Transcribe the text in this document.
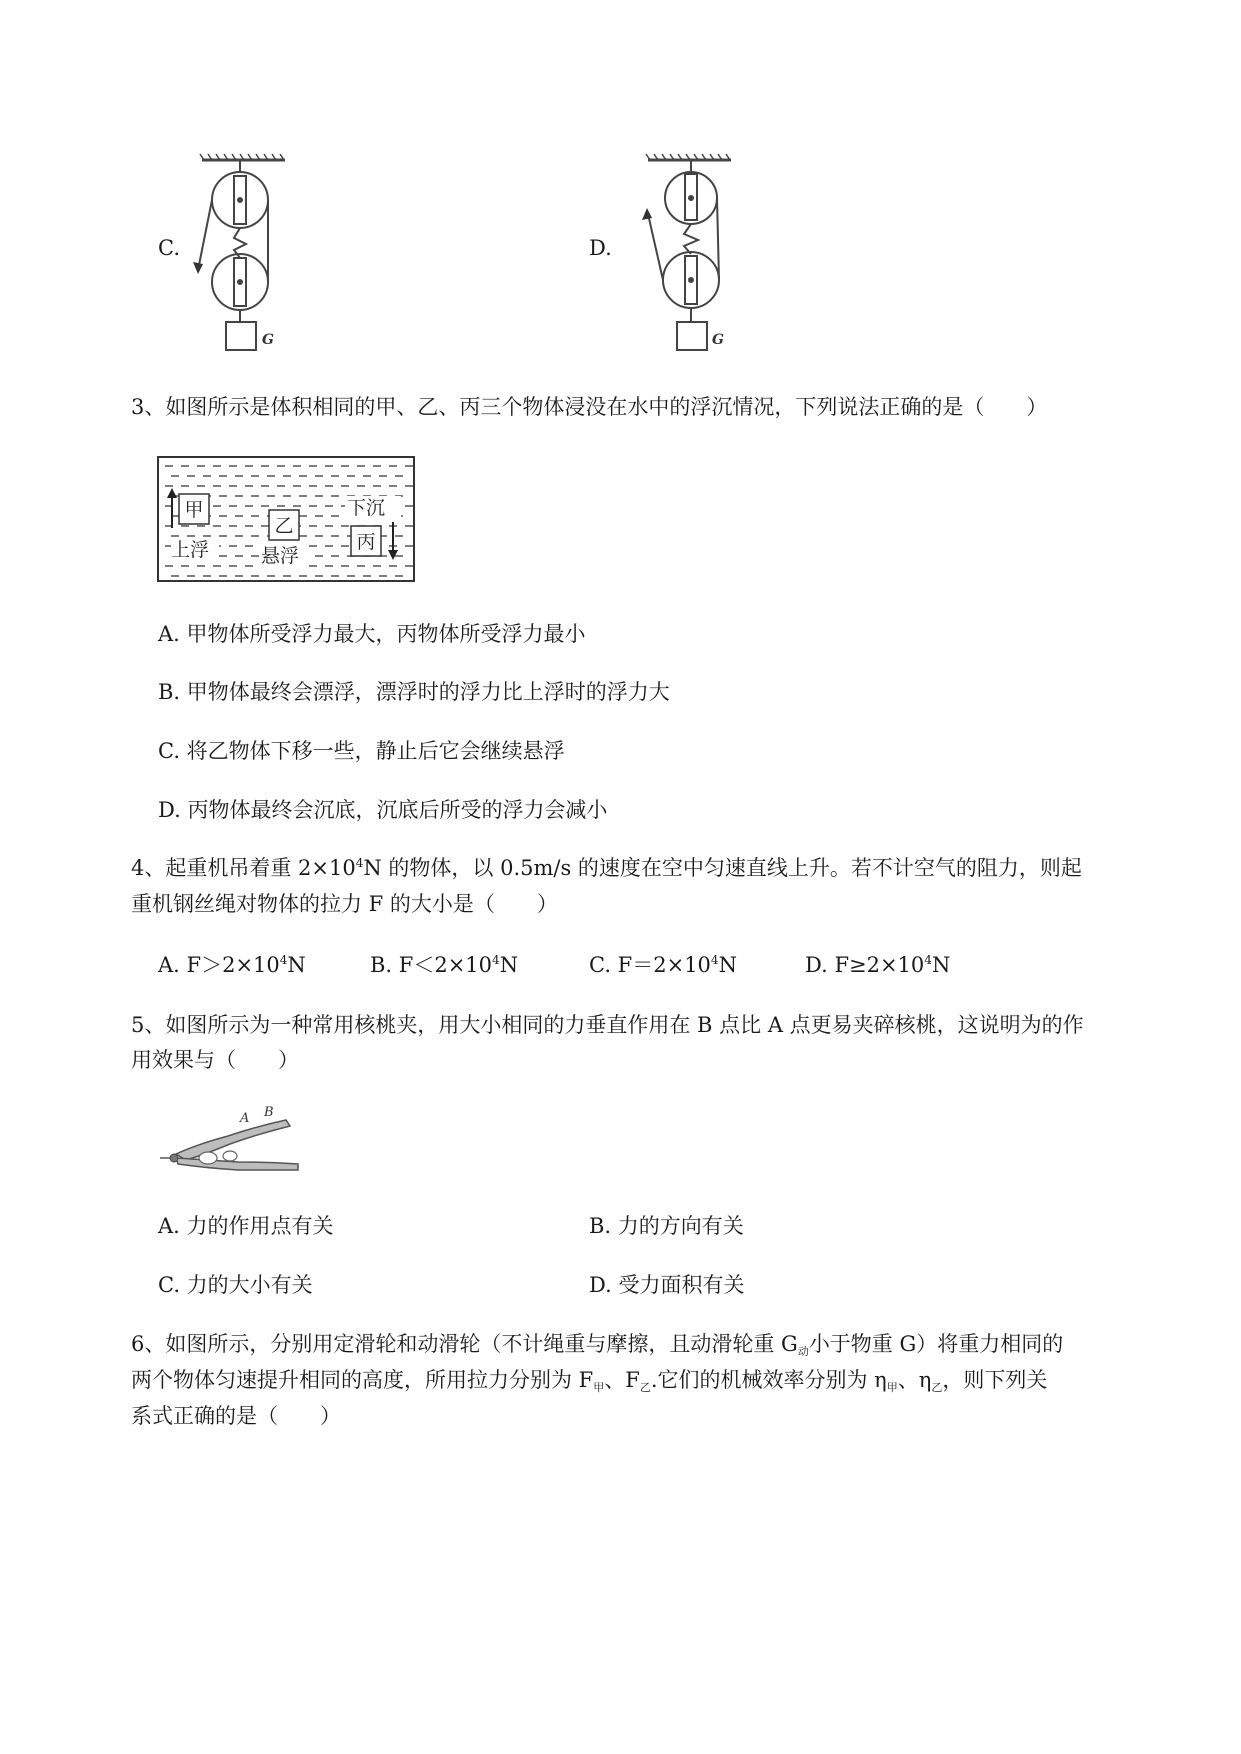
C.
G
D.
G
3、如图所示是体积相同的甲、乙、丙三个物体浸没在水中的浮沉情况，下列说法正确的是（　　）
甲
上浮
乙
悬浮
下沉
丙
A. 甲物体所受浮力最大，丙物体所受浮力最小
B. 甲物体最终会漂浮，漂浮时的浮力比上浮时的浮力大
C. 将乙物体下移一些，静止后它会继续悬浮
D. 丙物体最终会沉底，沉底后所受的浮力会减小
4、起重机吊着重 $2\times 10^4N$ 的物体，以 0.5m/s 的速度在空中匀速直线上升。若不计空气的阻力，则起
重机钢丝绳对物体的拉力 F 的大小是（　　）
A. $F>2\times 10^4N$	B. $F<2\times 10^4N$	C. $F=2\times 10^4N$	D. $F\ge 2\times 10^4N$
5、如图所示为一种常用核桃夹，用大小相同的力垂直作用在 B 点比 A 点更易夹碎核桃，这说明为的作
用效果与（　　）
A B
A. 力的作用点有关	B. 力的方向有关
C. 力的大小有关	D. 受力面积有关
6、如图所示，分别用定滑轮和动滑轮（不计绳重与摩擦，且动滑轮重 $G_动$小于物重 G）将重力相同的
两个物体匀速提升相同的高度，所用拉力分别为 $F_甲$、$F_乙$.它们的机械效率分别为 $\eta_甲$、$\eta_乙$，则下列关
系式正确的是（　　）
